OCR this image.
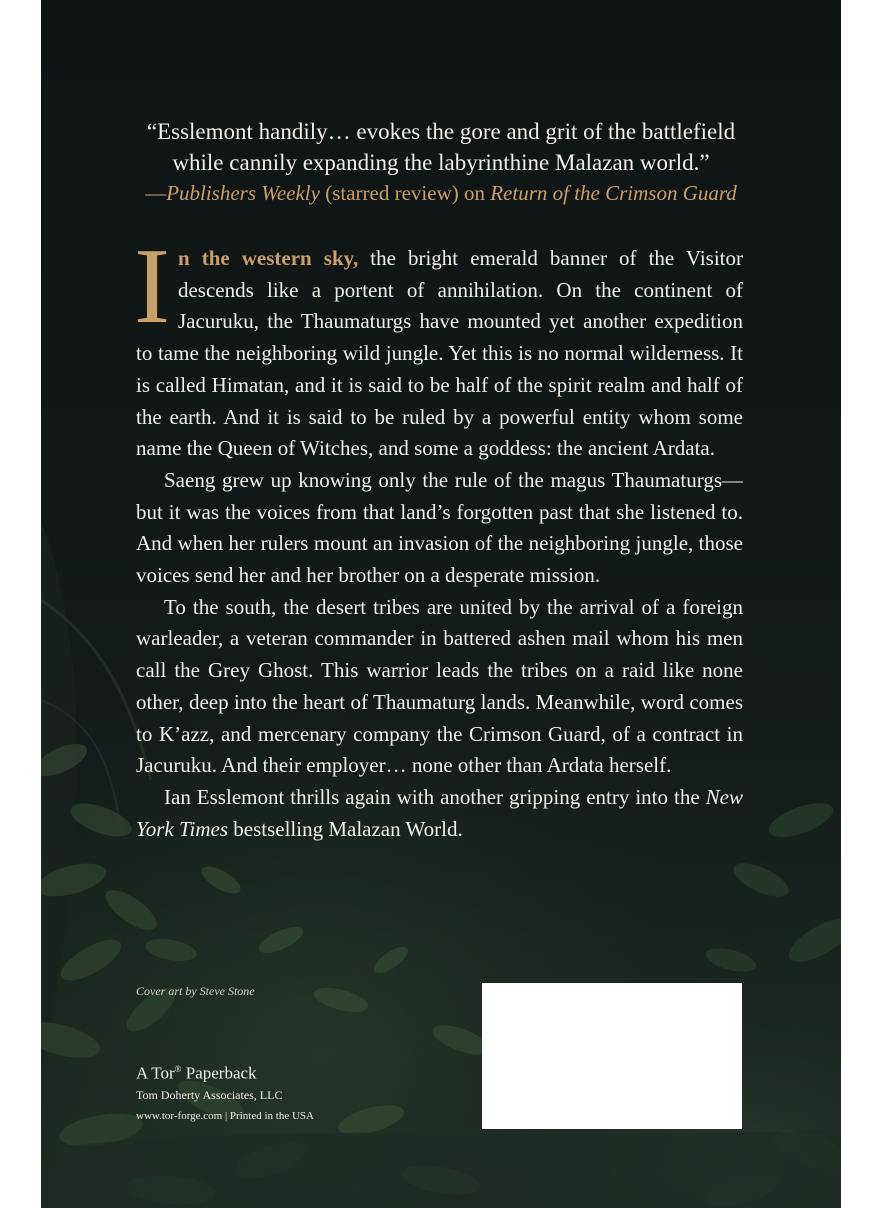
“Esslemont handily… evokes the gore and grit of the battlefield
while cannily expanding the labyrinthine Malazan world.”
—Publishers Weekly (starred review) on Return of the Crimson Guard

In the western sky, the bright emerald banner of the Visitor descends like a portent of annihilation. On the continent of Jacuruku, the Thaumaturgs have mounted yet another expedition to tame the neighboring wild jungle. Yet this is no normal wilderness. It is called Himatan, and it is said to be half of the spirit realm and half of the earth. And it is said to be ruled by a powerful entity whom some name the Queen of Witches, and some a goddess: the ancient Ardata.

Saeng grew up knowing only the rule of the magus Thaumaturgs—but it was the voices from that land’s forgotten past that she listened to. And when her rulers mount an invasion of the neighboring jungle, those voices send her and her brother on a desperate mission.

To the south, the desert tribes are united by the arrival of a foreign warleader, a veteran commander in battered ashen mail whom his men call the Grey Ghost. This warrior leads the tribes on a raid like none other, deep into the heart of Thaumaturg lands. Meanwhile, word comes to K’azz, and mercenary company the Crimson Guard, of a contract in Jacuruku. And their employer… none other than Ardata herself.

Ian Esslemont thrills again with another gripping entry into the New York Times bestselling Malazan World.

Cover art by Steve Stone
A Tor® Paperback
Tom Doherty Associates, LLC
www.tor-forge.com | Printed in the USA
